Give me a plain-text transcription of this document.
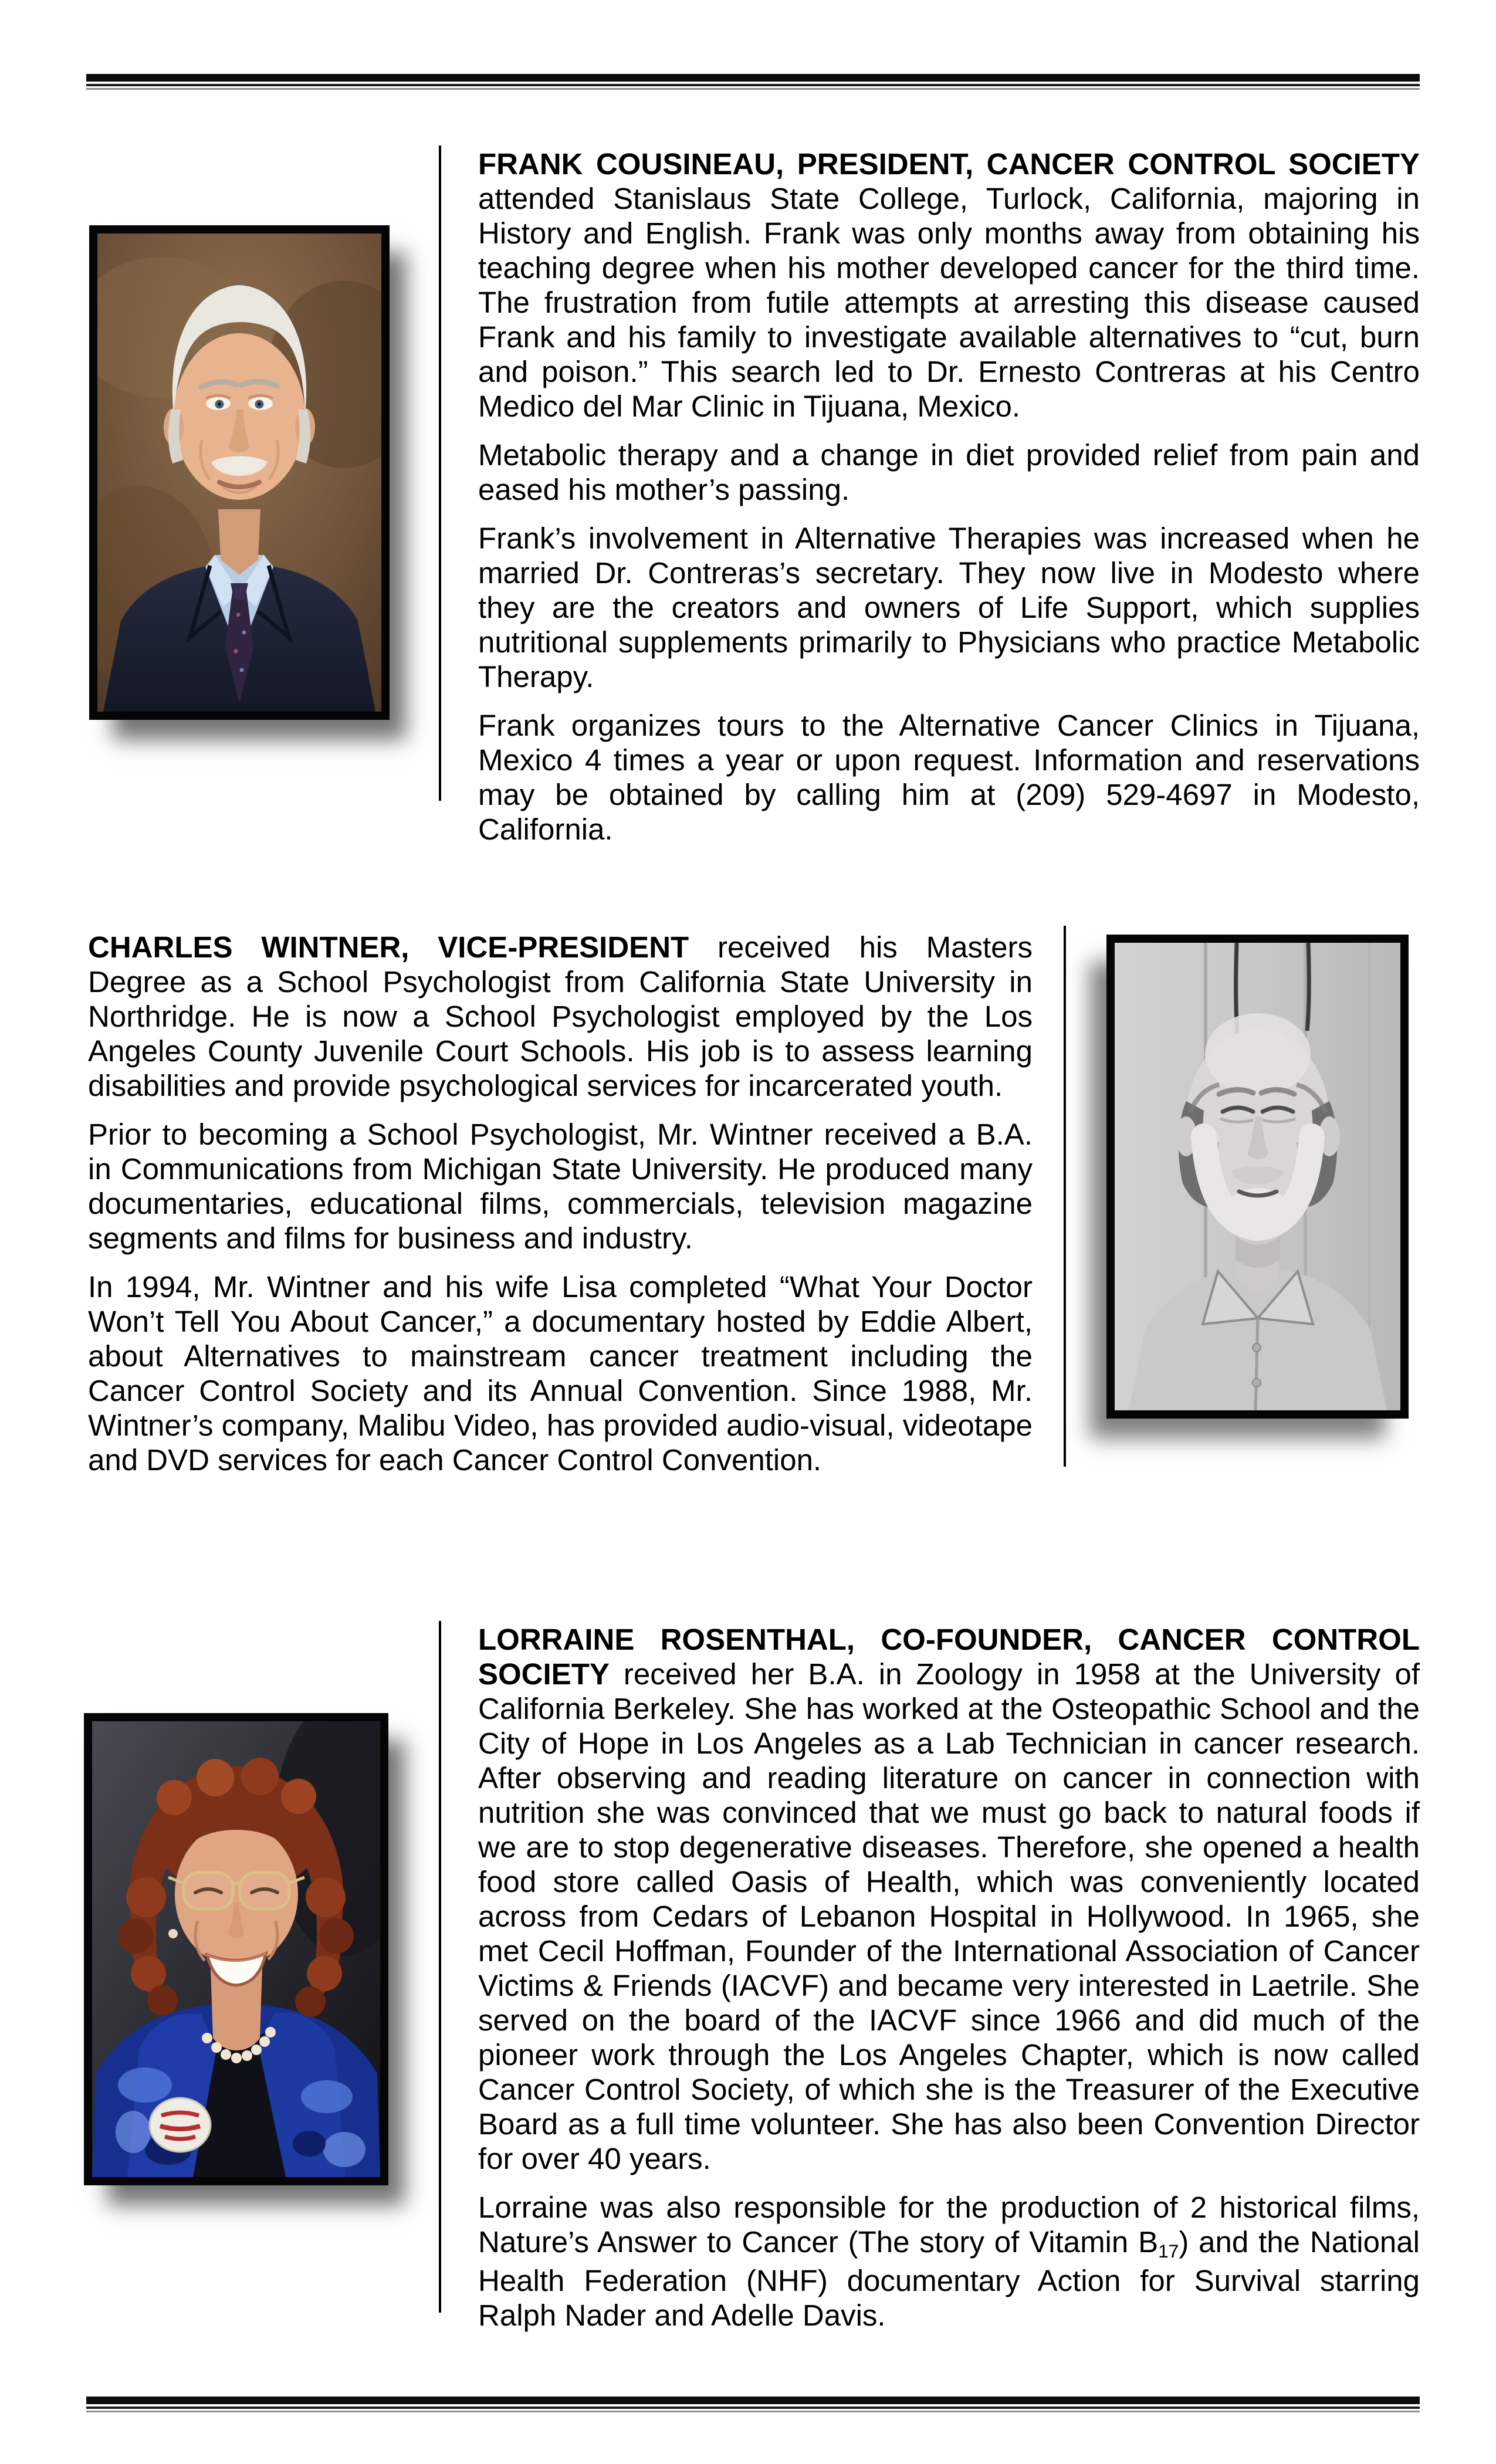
FRANK COUSINEAU, PRESIDENT, CANCER CONTROL SOCIETY attended Stanislaus State College, Turlock, California, majoring in History and English. Frank was only months away from obtaining his teaching degree when his mother developed cancer for the third time. The frustration from futile attempts at arresting this disease caused Frank and his family to investigate available alternatives to “cut, burn and poison.” This search led to Dr. Ernesto Contreras at his Centro Medico del Mar Clinic in Tijuana, Mexico.

Metabolic therapy and a change in diet provided relief from pain and eased his mother’s passing.

Frank’s involvement in Alternative Therapies was increased when he married Dr. Contreras’s secretary. They now live in Modesto where they are the creators and owners of Life Support, which supplies nutritional supplements primarily to Physicians who practice Metabolic Therapy.

Frank organizes tours to the Alternative Cancer Clinics in Tijuana, Mexico 4 times a year or upon request. Information and reservations may be obtained by calling him at (209) 529-4697 in Modesto, California.

CHARLES WINTNER, VICE-PRESIDENT received his Masters Degree as a School Psychologist from California State University in Northridge. He is now a School Psychologist employed by the Los Angeles County Juvenile Court Schools. His job is to assess learning disabilities and provide psychological services for incarcerated youth.

Prior to becoming a School Psychologist, Mr. Wintner received a B.A. in Communications from Michigan State University. He produced many documentaries, educational films, commercials, television magazine segments and films for business and industry.

In 1994, Mr. Wintner and his wife Lisa completed “What Your Doctor Won’t Tell You About Cancer,” a documentary hosted by Eddie Albert, about Alternatives to mainstream cancer treatment including the Cancer Control Society and its Annual Convention. Since 1988, Mr. Wintner’s company, Malibu Video, has provided audio-visual, videotape and DVD services for each Cancer Control Convention.

LORRAINE ROSENTHAL, CO-FOUNDER, CANCER CONTROL SOCIETY received her B.A. in Zoology in 1958 at the University of California Berkeley. She has worked at the Osteopathic School and the City of Hope in Los Angeles as a Lab Technician in cancer research. After observing and reading literature on cancer in connection with nutrition she was convinced that we must go back to natural foods if we are to stop degenerative diseases. Therefore, she opened a health food store called Oasis of Health, which was conveniently located across from Cedars of Lebanon Hospital in Hollywood. In 1965, she met Cecil Hoffman, Founder of the International Association of Cancer Victims & Friends (IACVF) and became very interested in Laetrile. She served on the board of the IACVF since 1966 and did much of the pioneer work through the Los Angeles Chapter, which is now called Cancer Control Society, of which she is the Treasurer of the Executive Board as a full time volunteer. She has also been Convention Director for over 40 years.

Lorraine was also responsible for the production of 2 historical films, Nature’s Answer to Cancer (The story of Vitamin B17) and the National Health Federation (NHF) documentary Action for Survival starring Ralph Nader and Adelle Davis.
